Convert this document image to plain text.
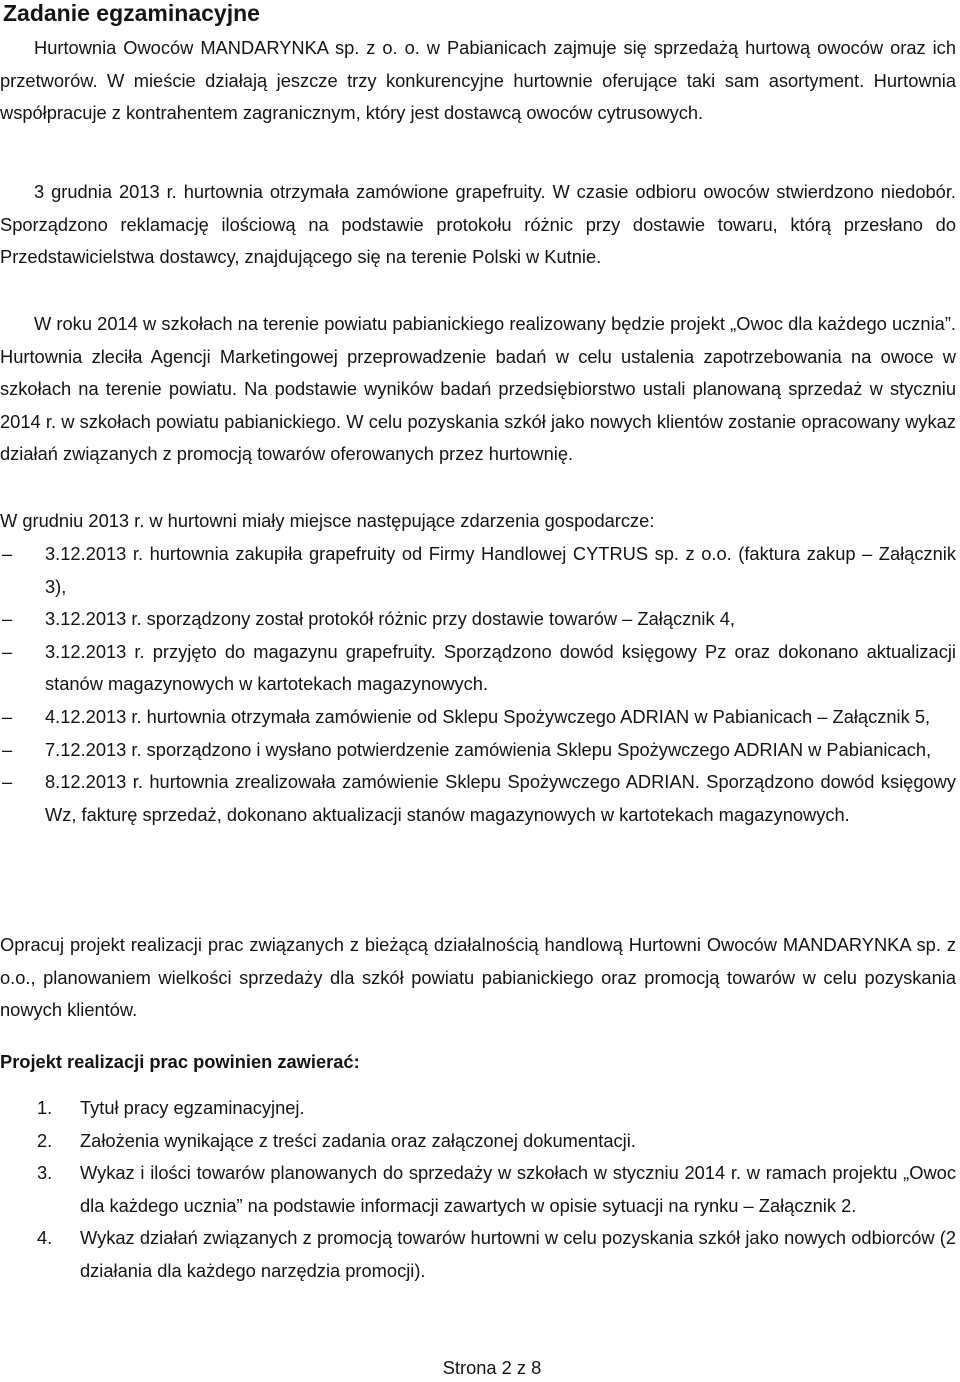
Zadanie egzaminacyjne

Hurtownia Owoców MANDARYNKA sp. z o. o. w Pabianicach zajmuje się sprzedażą hurtową owoców oraz ich przetworów. W mieście działają jeszcze trzy konkurencyjne hurtownie oferujące taki sam asortyment. Hurtownia współpracuje z kontrahentem zagranicznym, który jest dostawcą owoców cytrusowych.

3 grudnia 2013 r. hurtownia otrzymała zamówione grapefruity. W czasie odbioru owoców stwierdzono niedobór. Sporządzono reklamację ilościową na podstawie protokołu różnic przy dostawie towaru, którą przesłano do Przedstawicielstwa dostawcy, znajdującego się na terenie Polski w Kutnie.

W roku 2014 w szkołach na terenie powiatu pabianickiego realizowany będzie projekt „Owoc dla każdego ucznia”. Hurtownia zleciła Agencji Marketingowej przeprowadzenie badań w celu ustalenia zapotrzebowania na owoce w szkołach na terenie powiatu. Na podstawie wyników badań przedsiębiorstwo ustali planowaną sprzedaż w styczniu 2014 r. w szkołach powiatu pabianickiego. W celu pozyskania szkół jako nowych klientów zostanie opracowany wykaz działań związanych z promocją towarów oferowanych przez hurtownię.

W grudniu 2013 r. w hurtowni miały miejsce następujące zdarzenia gospodarcze:

– 3.12.2013 r. hurtownia zakupiła grapefruity od Firmy Handlowej CYTRUS sp. z o.o. (faktura zakup – Załącznik 3),
– 3.12.2013 r. sporządzony został protokół różnic przy dostawie towarów – Załącznik 4,
– 3.12.2013 r. przyjęto do magazynu grapefruity. Sporządzono dowód księgowy Pz oraz dokonano aktualizacji stanów magazynowych w kartotekach magazynowych.
– 4.12.2013 r. hurtownia otrzymała zamówienie od Sklepu Spożywczego ADRIAN w Pabianicach – Załącznik 5,
– 7.12.2013 r. sporządzono i wysłano potwierdzenie zamówienia Sklepu Spożywczego ADRIAN w Pabianicach,
– 8.12.2013 r. hurtownia zrealizowała zamówienie Sklepu Spożywczego ADRIAN. Sporządzono dowód księgowy Wz, fakturę sprzedaż, dokonano aktualizacji stanów magazynowych w kartotekach magazynowych.

Opracuj projekt realizacji prac związanych z bieżącą działalnością handlową Hurtowni Owoców MANDARYNKA sp. z o.o., planowaniem wielkości sprzedaży dla szkół powiatu pabianickiego oraz promocją towarów w celu pozyskania nowych klientów.

Projekt realizacji prac powinien zawierać:

1. Tytuł pracy egzaminacyjnej.
2. Założenia wynikające z treści zadania oraz załączonej dokumentacji.
3. Wykaz i ilości towarów planowanych do sprzedaży w szkołach w styczniu 2014 r. w ramach projektu „Owoc dla każdego ucznia” na podstawie informacji zawartych w opisie sytuacji na rynku – Załącznik 2.
4. Wykaz działań związanych z promocją towarów hurtowni w celu pozyskania szkół jako nowych odbiorców (2 działania dla każdego narzędzia promocji).
Strona 2 z 8
